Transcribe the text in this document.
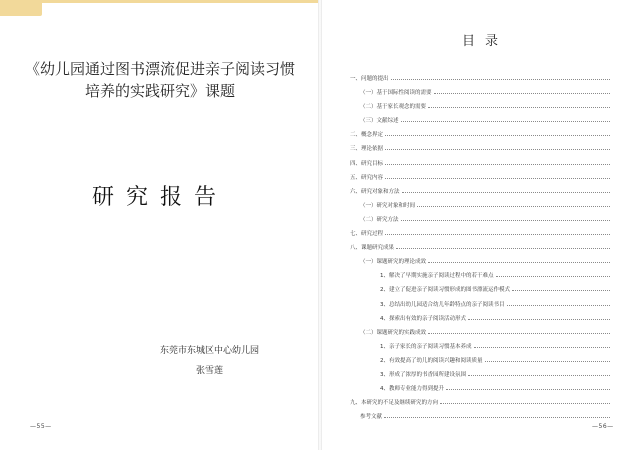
《幼儿园通过图书漂流促进亲子阅读习惯
培养的实践研究》课题
研究报告
东莞市东城区中心幼儿园
张雪莲
—55—
目录
一、问题的提出
（一）基于国际性阅读的需要
（二）基于家长观念的需要
（三）文献综述
二、概念界定
三、理论依据
四、研究目标
五、研究内容
六、研究对象和方法
（一）研究对象和时间
（二）研究方法
七、研究过程
八、课题研究成果
（一）课题研究的理论成效
1、解决了早期实施亲子阅读过程中的若干难点
2、建立了促进亲子阅读习惯形成的图书漂流运作模式
3、总结出幼儿园适合幼儿年龄特点的亲子阅读书目
4、探索出有效的亲子阅读活动形式
（二）课题研究的实践成效
1、亲子家长的亲子阅读习惯基本养成
2、有效提高了幼儿的阅读兴趣和阅读质量
3、形成了浓厚的书香园所建设氛围
4、教师专业能力得到提升
九、本研究的不足及继续研究的方向
参考文献
—56—
